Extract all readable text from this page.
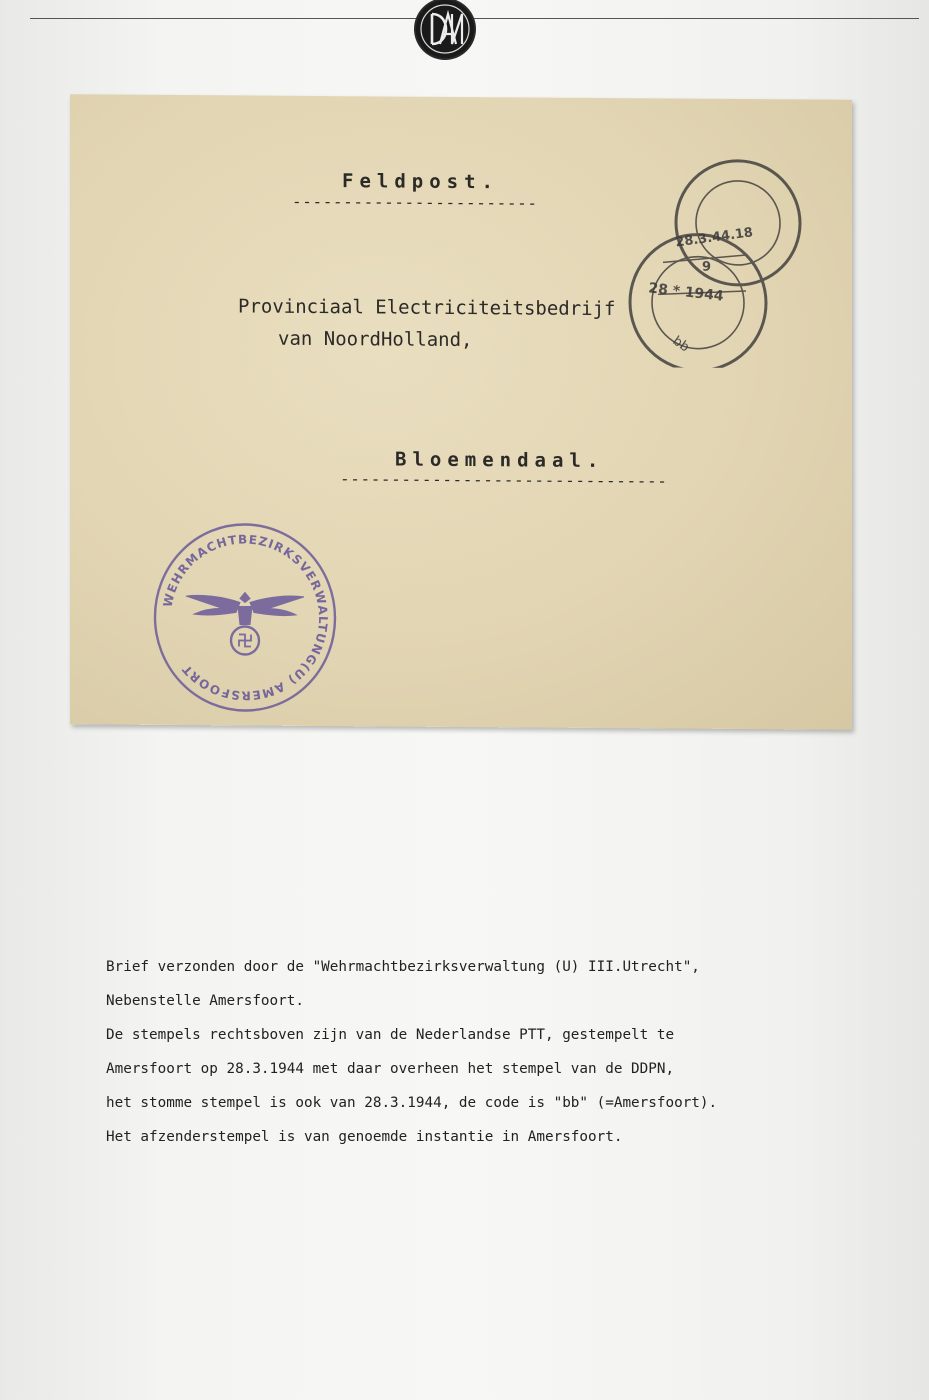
Feldpost.
------------------------
Provinciaal Electriciteitsbedrijf
van NoordHolland,
Bloemendaal.
--------------------------------
28.3.44.18
9
28 * 1944
bb
WEHRMACHTBEZIRKSVERWALTUNG(U) AMERSFOORT

Brief verzonden door de "Wehrmachtbezirksverwaltung (U) III.Utrecht",

Nebenstelle Amersfoort.

De stempels rechtsboven zijn van de Nederlandse PTT, gestempelt te

Amersfoort op 28.3.1944 met daar overheen het stempel van de DDPN,

het stomme stempel is ook van 28.3.1944, de code is "bb" (=Amersfoort).

Het afzenderstempel is van genoemde instantie in Amersfoort.
